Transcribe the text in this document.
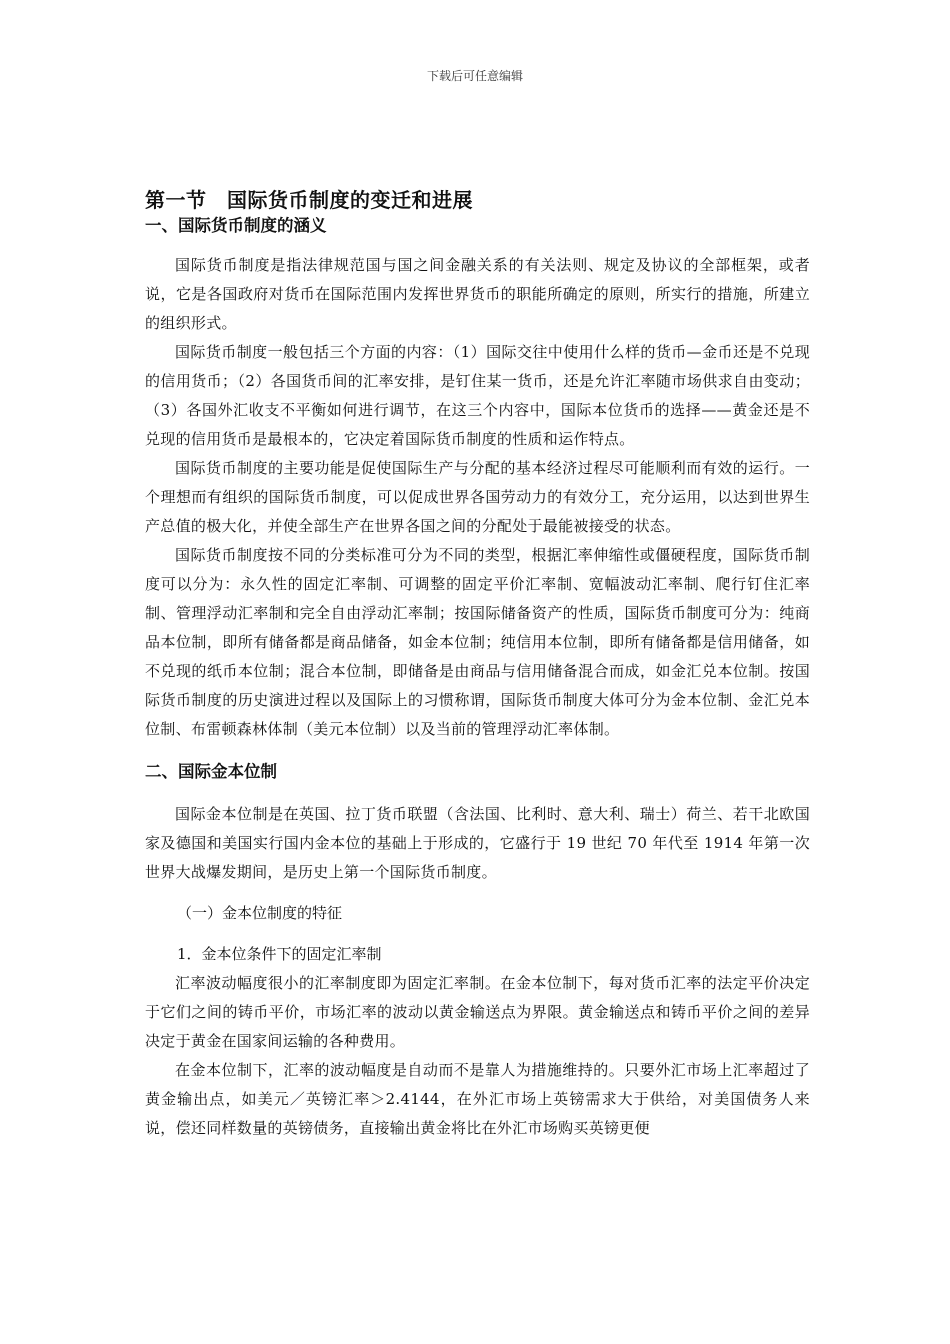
下载后可任意编辑
第一节　国际货币制度的变迁和进展
一、国际货币制度的涵义

国际货币制度是指法律规范国与国之间金融关系的有关法则、规定及协议的全部框架，或者说，它是各国政府对货币在国际范围内发挥世界货币的职能所确定的原则，所实行的措施，所建立的组织形式。

国际货币制度一般包括三个方面的内容：（1）国际交往中使用什么样的货币—金币还是不兑现的信用货币；（2）各国货币间的汇率安排，是钉住某一货币，还是允许汇率随市场供求自由变动；（3）各国外汇收支不平衡如何进行调节，在这三个内容中，国际本位货币的选择——黄金还是不兑现的信用货币是最根本的，它决定着国际货币制度的性质和运作特点。

国际货币制度的主要功能是促使国际生产与分配的基本经济过程尽可能顺利而有效的运行。一个理想而有组织的国际货币制度，可以促成世界各国劳动力的有效分工，充分运用，以达到世界生产总值的极大化，并使全部生产在世界各国之间的分配处于最能被接受的状态。

国际货币制度按不同的分类标准可分为不同的类型，根据汇率伸缩性或僵硬程度，国际货币制度可以分为：永久性的固定汇率制、可调整的固定平价汇率制、宽幅波动汇率制、爬行钉住汇率制、管理浮动汇率制和完全自由浮动汇率制；按国际储备资产的性质，国际货币制度可分为：纯商品本位制，即所有储备都是商品储备，如金本位制；纯信用本位制，即所有储备都是信用储备，如不兑现的纸币本位制；混合本位制，即储备是由商品与信用储备混合而成，如金汇兑本位制。按国际货币制度的历史演进过程以及国际上的习惯称谓，国际货币制度大体可分为金本位制、金汇兑本位制、布雷顿森林体制（美元本位制）以及当前的管理浮动汇率体制。

二、国际金本位制

国际金本位制是在英国、拉丁货币联盟（含法国、比利时、意大利、瑞士）荷兰、若干北欧国家及德国和美国实行国内金本位的基础上于形成的，它盛行于 19 世纪 70 年代至 1914 年第一次世界大战爆发期间，是历史上第一个国际货币制度。

（一）金本位制度的特征

1．金本位条件下的固定汇率制

汇率波动幅度很小的汇率制度即为固定汇率制。在金本位制下，每对货币汇率的法定平价决定于它们之间的铸币平价，市场汇率的波动以黄金输送点为界限。黄金输送点和铸币平价之间的差异决定于黄金在国家间运输的各种费用。

在金本位制下，汇率的波动幅度是自动而不是靠人为措施维持的。只要外汇市场上汇率超过了黄金输出点，如美元／英镑汇率＞2.4144，在外汇市场上英镑需求大于供给，对美国债务人来说，偿还同样数量的英镑债务，直接输出黄金将比在外汇市场购买英镑更便
